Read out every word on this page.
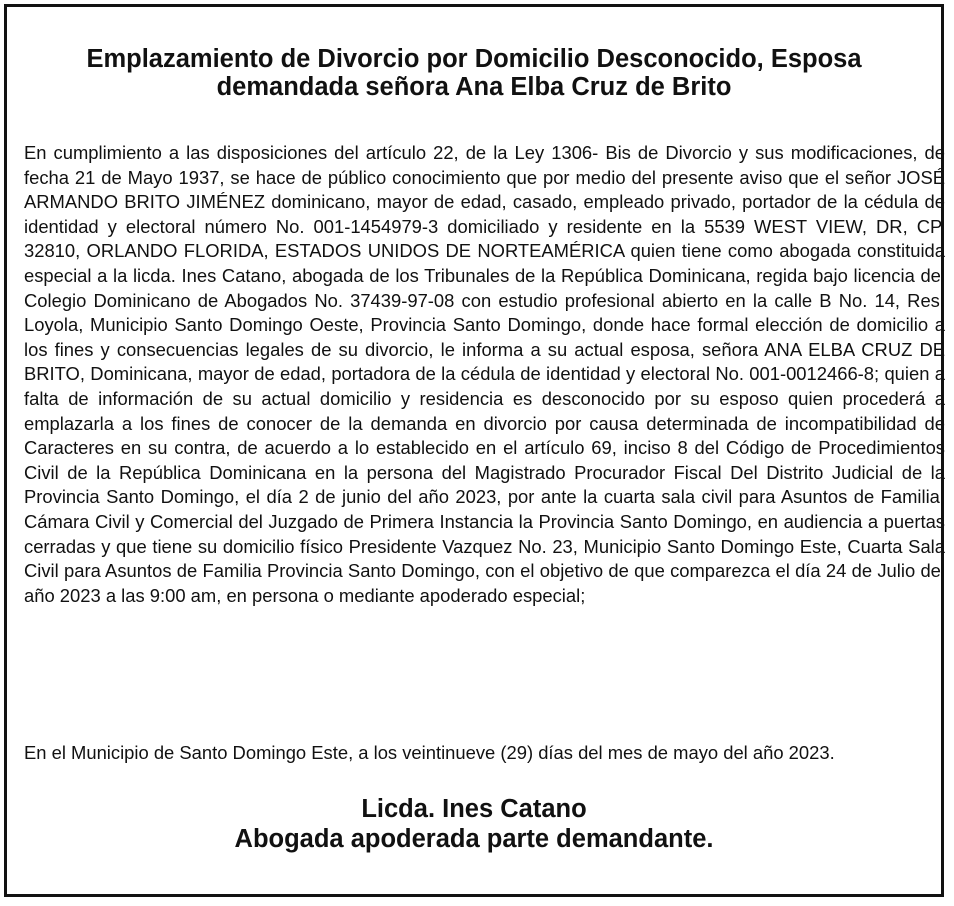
Emplazamiento de Divorcio por Domicilio Desconocido, Esposa demandada señora Ana Elba Cruz de Brito

En cumplimiento a las disposiciones del artículo 22, de la Ley 1306- Bis de Divorcio y sus modificaciones, de fecha 21 de Mayo 1937, se hace de público conocimiento que por medio del presente aviso que el señor JOSÉ ARMANDO BRITO JIMÉNEZ dominicano, mayor de edad, casado, empleado privado, portador de la cédula de identidad y electoral número No. 001-1454979-3 domiciliado y residente en la 5539 WEST VIEW, DR, CP, 32810, ORLANDO FLORIDA, ESTADOS UNIDOS DE NORTEAMÉRICA quien tiene como abogada constituida especial a la licda. Ines Catano, abogada de los Tribunales de la República Dominicana, regida bajo licencia del Colegio Dominicano de Abogados No. 37439-97-08 con estudio profesional abierto en la calle B No. 14, Res. Loyola, Municipio Santo Domingo Oeste, Provincia Santo Domingo, donde hace formal elección de domicilio a los fines y consecuencias legales de su divorcio, le informa a su actual esposa, señora ANA ELBA CRUZ DE BRITO, Dominicana, mayor de edad, portadora de la cédula de identidad y electoral No. 001-0012466-8; quien a falta de información de su actual domicilio y residencia es desconocido por su esposo quien procederá a emplazarla a los fines de conocer de la demanda en divorcio por causa determinada de incompatibilidad de Caracteres en su contra, de acuerdo a lo establecido en el artículo 69, inciso 8 del Código de Procedimientos Civil de la República Dominicana en la persona del Magistrado Procurador Fiscal Del Distrito Judicial de la Provincia Santo Domingo, el día 2 de junio del año 2023, por ante la cuarta sala civil para Asuntos de Familia, Cámara Civil y Comercial del Juzgado de Primera Instancia la Provincia Santo Domingo, en audiencia a puertas cerradas y que tiene su domicilio físico Presidente Vazquez No. 23, Municipio Santo Domingo Este, Cuarta Sala Civil para Asuntos de Familia Provincia Santo Domingo, con el objetivo de que comparezca el día 24 de Julio del año 2023 a las 9:00 am, en persona o mediante apoderado especial;

En el Municipio de Santo Domingo Este, a los veintinueve (29) días del mes de mayo del año 2023.

Licda. Ines Catano
Abogada apoderada parte demandante.
